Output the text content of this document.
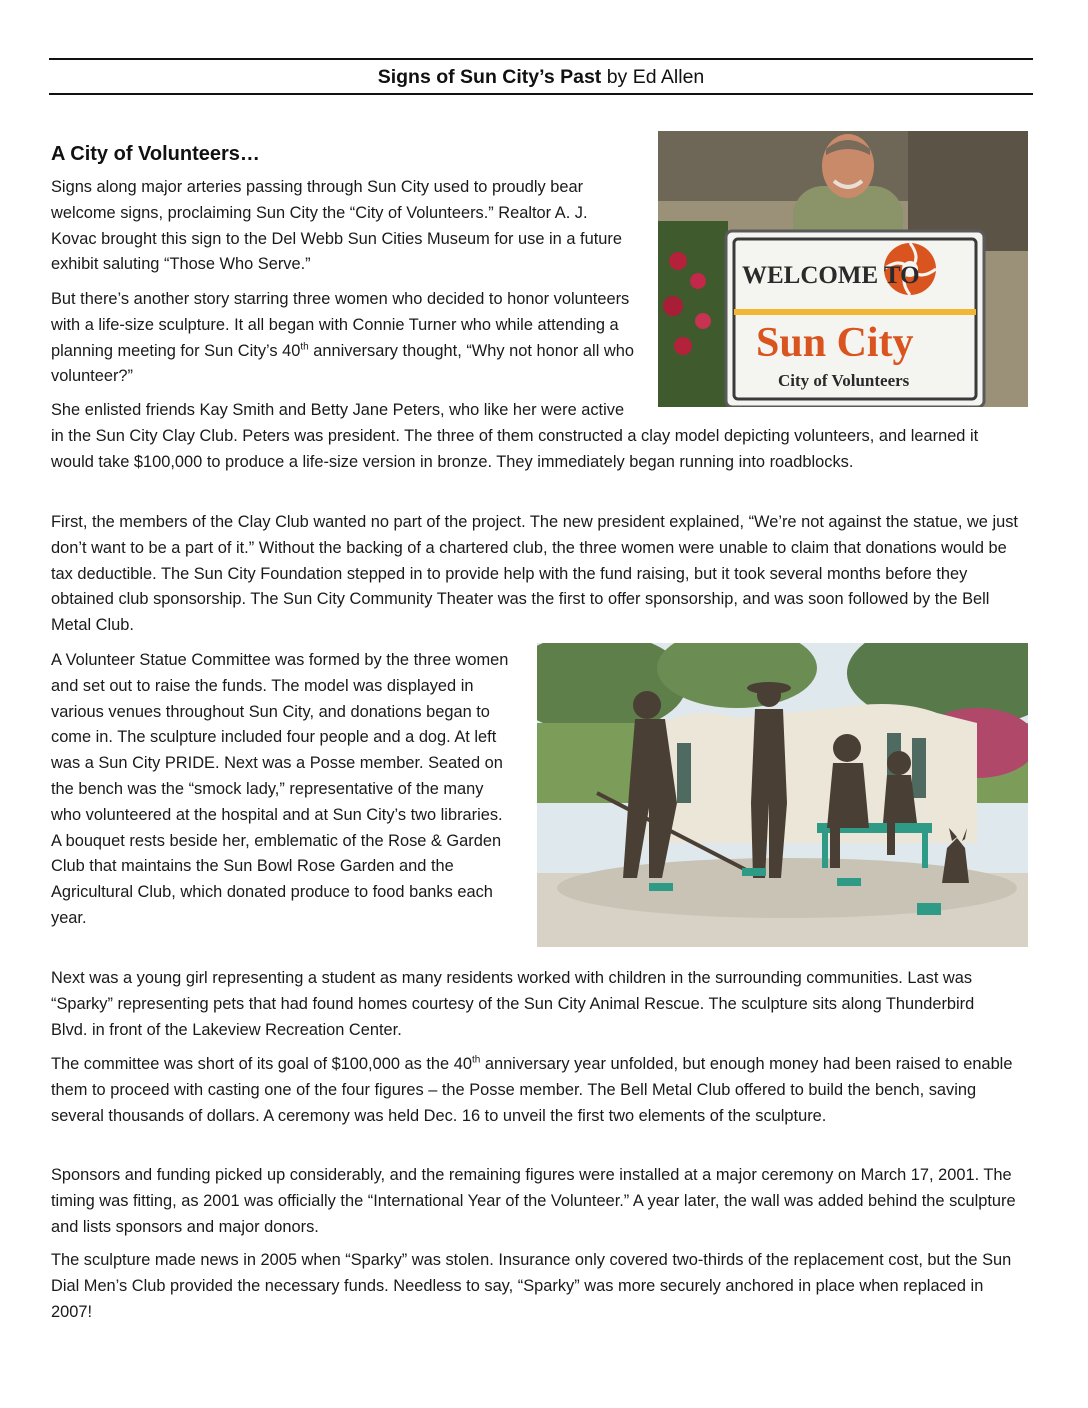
Signs of Sun City’s Past by Ed Allen
A City of Volunteers…
WELCOME TO
Sun City
City of Volunteers

Signs along major arteries passing through Sun City used to proudly bear welcome signs, proclaiming Sun City the “City of Volunteers.” Realtor A. J. Kovac brought this sign to the Del Webb Sun Cities Museum for use in a future exhibit saluting “Those Who Serve.”

But there’s another story starring three women who decided to honor volunteers with a life-size sculpture. It all began with Connie Turner who while attending a planning meeting for Sun City’s 40th anniversary thought, “Why not honor all who volunteer?”

She enlisted friends Kay Smith and Betty Jane Peters, who like her were active in the Sun City Clay Club. Peters was president. The three of them constructed a clay model depicting volunteers, and learned it would take $100,000 to produce a life-size version in bronze. They immediately began running into roadblocks.

First, the members of the Clay Club wanted no part of the project. The new president explained, “We’re not against the statue, we just don’t want to be a part of it.” Without the backing of a chartered club, the three women were unable to claim that donations would be tax deductible. The Sun City Foundation stepped in to provide help with the fund raising, but it took several months before they obtained club sponsorship. The Sun City Community Theater was the first to offer sponsorship, and was soon followed by the Bell Metal Club.

A Volunteer Statue Committee was formed by the three women and set out to raise the funds. The model was displayed in various venues throughout Sun City, and donations began to come in. The sculpture included four people and a dog. At left was a Sun City PRIDE. Next was a Posse member. Seated on the bench was the “smock lady,” representative of the many who volunteered at the hospital and at Sun City’s two libraries. A bouquet rests beside her, emblematic of the Rose & Garden Club that maintains the Sun Bowl Rose Garden and the Agricultural Club, which donated produce to food banks each year.

Next was a young girl representing a student as many residents worked with children in the surrounding communities. Last was “Sparky” representing pets that had found homes courtesy of the Sun City Animal Rescue. The sculpture sits along Thunderbird Blvd. in front of the Lakeview Recreation Center.

The committee was short of its goal of $100,000 as the 40th anniversary year unfolded, but enough money had been raised to enable them to proceed with casting one of the four figures – the Posse member. The Bell Metal Club offered to build the bench, saving several thousands of dollars. A ceremony was held Dec. 16 to unveil the first two elements of the sculpture.

Sponsors and funding picked up considerably, and the remaining figures were installed at a major ceremony on March 17, 2001. The timing was fitting, as 2001 was officially the “International Year of the Volunteer.” A year later, the wall was added behind the sculpture and lists sponsors and major donors.

The sculpture made news in 2005 when “Sparky” was stolen. Insurance only covered two-thirds of the replacement cost, but the Sun Dial Men’s Club provided the necessary funds. Needless to say, “Sparky” was more securely anchored in place when replaced in 2007!
